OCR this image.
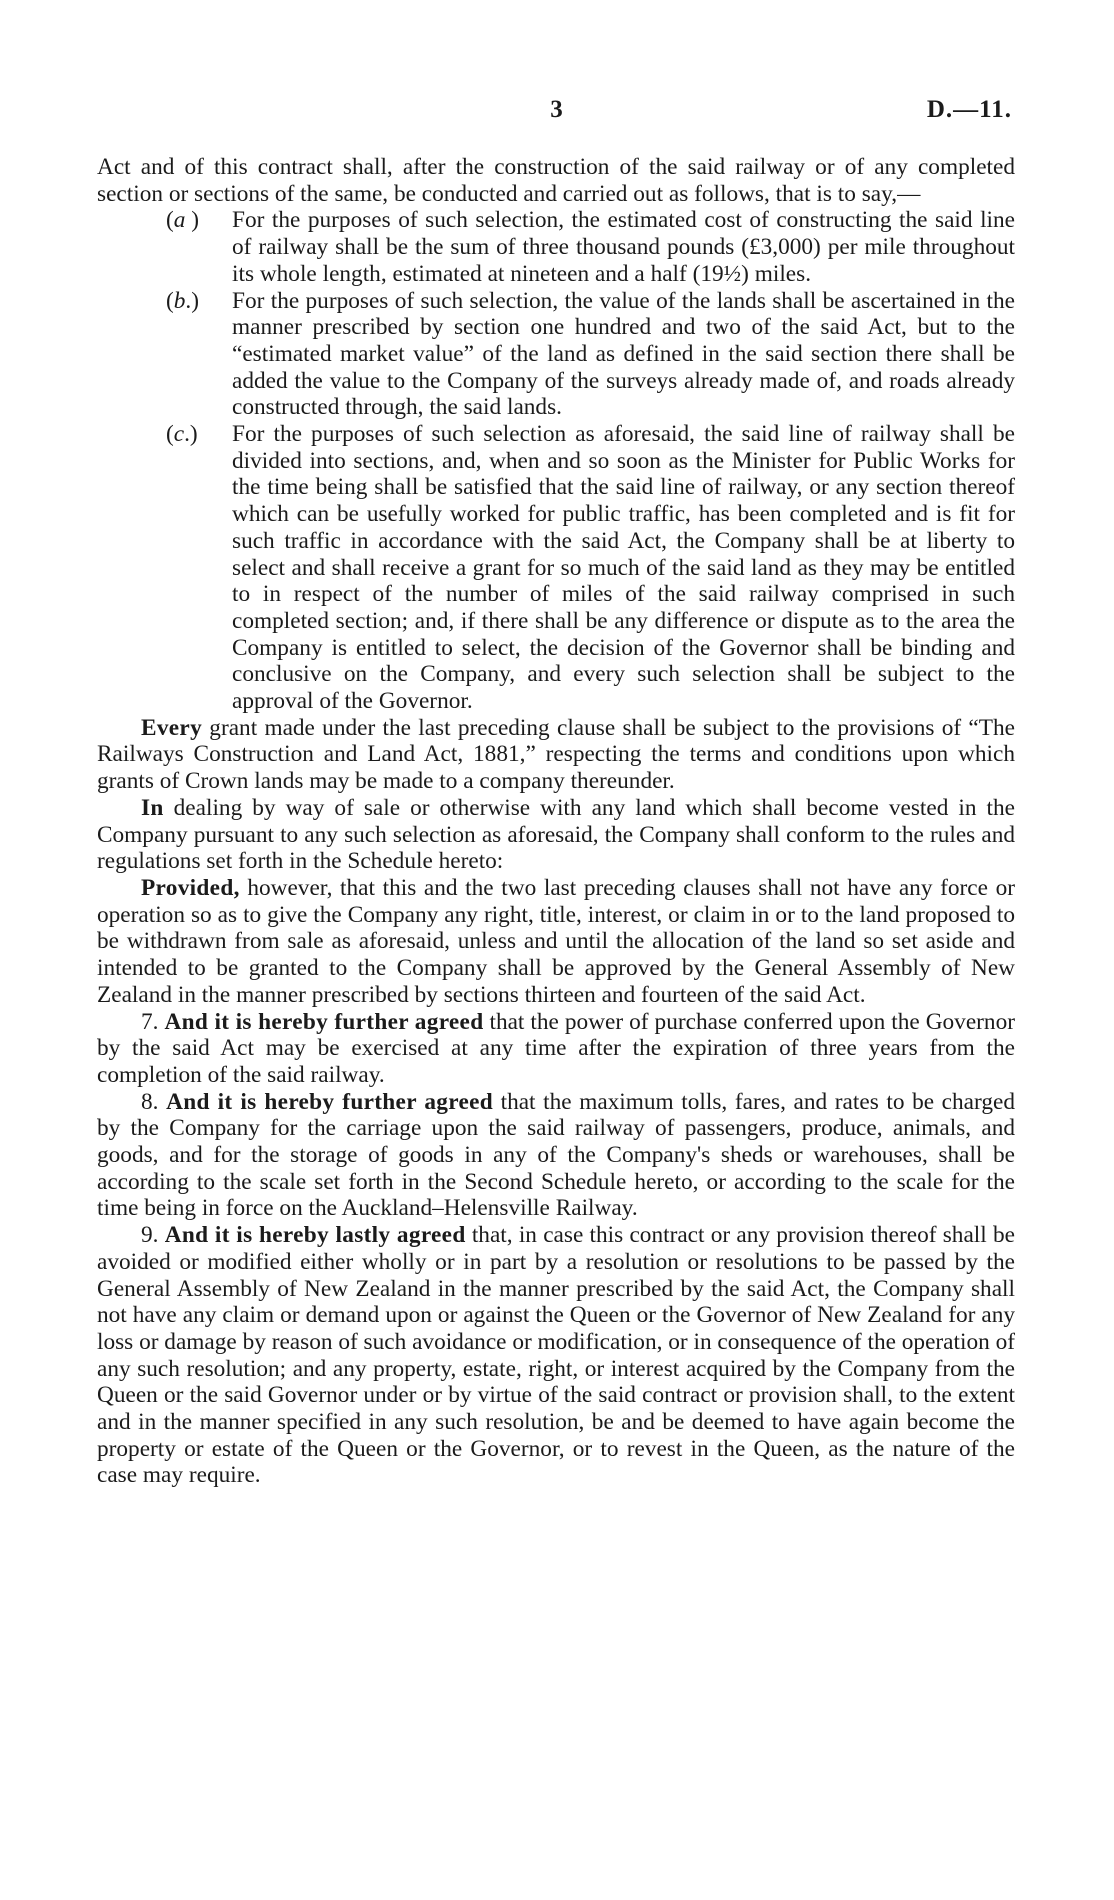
3	D.—11.

Act and of this contract shall, after the construction of the said railway or of any completed section or sections of the same, be conducted and carried out as follows, that is to say,—

(a ) For the purposes of such selection, the estimated cost of constructing the said line of railway shall be the sum of three thousand pounds (£3,000) per mile throughout its whole length, estimated at nineteen and a half (19½) miles.

(b.) For the purposes of such selection, the value of the lands shall be ascertained in the manner prescribed by section one hundred and two of the said Act, but to the “estimated market value” of the land as defined in the said section there shall be added the value to the Company of the surveys already made of, and roads already constructed through, the said lands.

(c.) For the purposes of such selection as aforesaid, the said line of railway shall be divided into sections, and, when and so soon as the Minister for Public Works for the time being shall be satisfied that the said line of railway, or any section thereof which can be usefully worked for public traffic, has been completed and is fit for such traffic in accordance with the said Act, the Company shall be at liberty to select and shall receive a grant for so much of the said land as they may be entitled to in respect of the number of miles of the said railway comprised in such completed section; and, if there shall be any difference or dispute as to the area the Company is entitled to select, the decision of the Governor shall be binding and conclusive on the Company, and every such selection shall be subject to the approval of the Governor.

Every grant made under the last preceding clause shall be subject to the provisions of “The Railways Construction and Land Act, 1881,” respecting the terms and conditions upon which grants of Crown lands may be made to a company thereunder.

In dealing by way of sale or otherwise with any land which shall become vested in the Company pursuant to any such selection as aforesaid, the Company shall conform to the rules and regulations set forth in the Schedule hereto:

Provided, however, that this and the two last preceding clauses shall not have any force or operation so as to give the Company any right, title, interest, or claim in or to the land proposed to be withdrawn from sale as aforesaid, unless and until the allocation of the land so set aside and intended to be granted to the Company shall be approved by the General Assembly of New Zealand in the manner prescribed by sections thirteen and fourteen of the said Act.

7. And it is hereby further agreed that the power of purchase conferred upon the Governor by the said Act may be exercised at any time after the expiration of three years from the completion of the said railway.

8. And it is hereby further agreed that the maximum tolls, fares, and rates to be charged by the Company for the carriage upon the said railway of passengers, produce, animals, and goods, and for the storage of goods in any of the Company's sheds or warehouses, shall be according to the scale set forth in the Second Schedule hereto, or according to the scale for the time being in force on the Auckland–Helensville Railway.

9. And it is hereby lastly agreed that, in case this contract or any provision thereof shall be avoided or modified either wholly or in part by a resolution or resolutions to be passed by the General Assembly of New Zealand in the manner prescribed by the said Act, the Company shall not have any claim or demand upon or against the Queen or the Governor of New Zealand for any loss or damage by reason of such avoidance or modification, or in consequence of the operation of any such resolution; and any property, estate, right, or interest acquired by the Company from the Queen or the said Governor under or by virtue of the said contract or provision shall, to the extent and in the manner specified in any such resolution, be and be deemed to have again become the property or estate of the Queen or the Governor, or to revest in the Queen, as the nature of the case may require.
